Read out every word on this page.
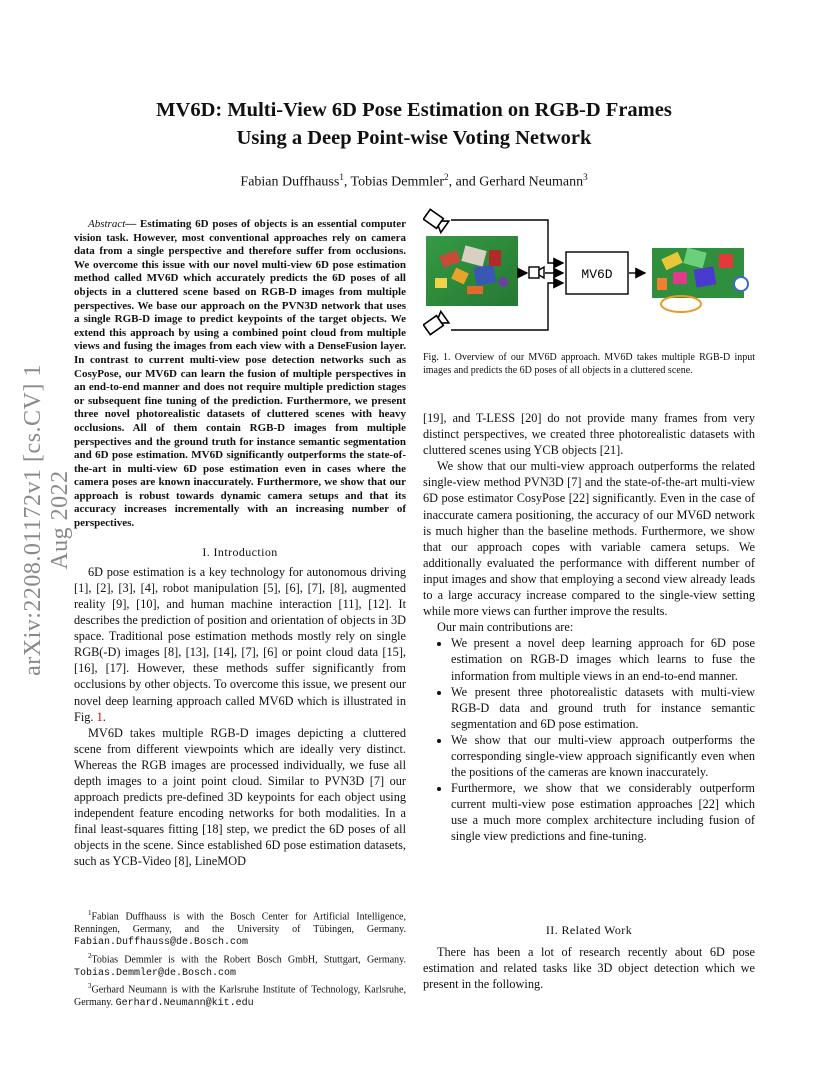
MV6D: Multi-View 6D Pose Estimation on RGB-D Frames
Using a Deep Point-wise Voting Network
Fabian Duffhauss$^1$, Tobias Demmler$^2$, and Gerhard Neumann$^3$
arXiv:2208.01172v1 [cs.CV] 1 Aug 2022

Abstract— Estimating 6D poses of objects is an essential computer vision task. However, most conventional approaches rely on camera data from a single perspective and therefore suffer from occlusions. We overcome this issue with our novel multi-view 6D pose estimation method called MV6D which accurately predicts the 6D poses of all objects in a cluttered scene based on RGB-D images from multiple perspectives. We base our approach on the PVN3D network that uses a single RGB-D image to predict keypoints of the target objects. We extend this approach by using a combined point cloud from multiple views and fusing the images from each view with a DenseFusion layer. In contrast to current multi-view pose detection networks such as CosyPose, our MV6D can learn the fusion of multiple perspectives in an end-to-end manner and does not require multiple prediction stages or subsequent fine tuning of the prediction. Furthermore, we present three novel photorealistic datasets of cluttered scenes with heavy occlusions. All of them contain RGB-D images from multiple perspectives and the ground truth for instance semantic segmentation and 6D pose estimation. MV6D significantly outperforms the state-of-the-art in multi-view 6D pose estimation even in cases where the camera poses are known inaccurately. Furthermore, we show that our approach is robust towards dynamic camera setups and that its accuracy increases incrementally with an increasing number of perspectives.

I. Introduction

6D pose estimation is a key technology for autonomous driving [1], [2], [3], [4], robot manipulation [5], [6], [7], [8], augmented reality [9], [10], and human machine interaction [11], [12]. It describes the prediction of position and orientation of objects in 3D space. Traditional pose estimation methods mostly rely on single RGB(-D) images [8], [13], [14], [7], [6] or point cloud data [15], [16], [17]. However, these methods suffer significantly from occlusions by other objects. To overcome this issue, we present our novel deep learning approach called MV6D which is illustrated in Fig. 1.

MV6D takes multiple RGB-D images depicting a cluttered scene from different viewpoints which are ideally very distinct. Whereas the RGB images are processed individually, we fuse all depth images to a joint point cloud. Similar to PVN3D [7] our approach predicts pre-defined 3D keypoints for each object using independent feature encoding networks for both modalities. In a final least-squares fitting [18] step, we predict the 6D poses of all objects in the scene. Since established 6D pose estimation datasets, such as YCB-Video [8], LineMOD

$^1$Fabian Duffhauss is with the Bosch Center for Artificial Intelligence, Renningen, Germany, and the University of Tübingen, Germany. Fabian.Duffhauss@de.Bosch.com

$^2$Tobias Demmler is with the Robert Bosch GmbH, Stuttgart, Germany. Tobias.Demmler@de.Bosch.com

$^3$Gerhard Neumann is with the Karlsruhe Institute of Technology, Karlsruhe, Germany. Gerhard.Neumann@kit.edu

MV6D
Fig. 1. Overview of our MV6D approach. MV6D takes multiple RGB-D input images and predicts the 6D poses of all objects in a cluttered scene.

[19], and T-LESS [20] do not provide many frames from very distinct perspectives, we created three photorealistic datasets with cluttered scenes using YCB objects [21].

We show that our multi-view approach outperforms the related single-view method PVN3D [7] and the state-of-the-art multi-view 6D pose estimator CosyPose [22] significantly. Even in the case of inaccurate camera positioning, the accuracy of our MV6D network is much higher than the baseline methods. Furthermore, we show that our approach copes with variable camera setups. We additionally evaluated the performance with different number of input images and show that employing a second view already leads to a large accuracy increase compared to the single-view setting while more views can further improve the results.

Our main contributions are:

• We present a novel deep learning approach for 6D pose estimation on RGB-D images which learns to fuse the information from multiple views in an end-to-end manner.
• We present three photorealistic datasets with multi-view RGB-D data and ground truth for instance semantic segmentation and 6D pose estimation.
• We show that our multi-view approach outperforms the corresponding single-view approach significantly even when the positions of the cameras are known inaccurately.
• Furthermore, we show that we considerably outperform current multi-view pose estimation approaches [22] which use a much more complex architecture including fusion of single view predictions and fine-tuning.

II. Related Work

There has been a lot of research recently about 6D pose estimation and related tasks like 3D object detection which we present in the following.
